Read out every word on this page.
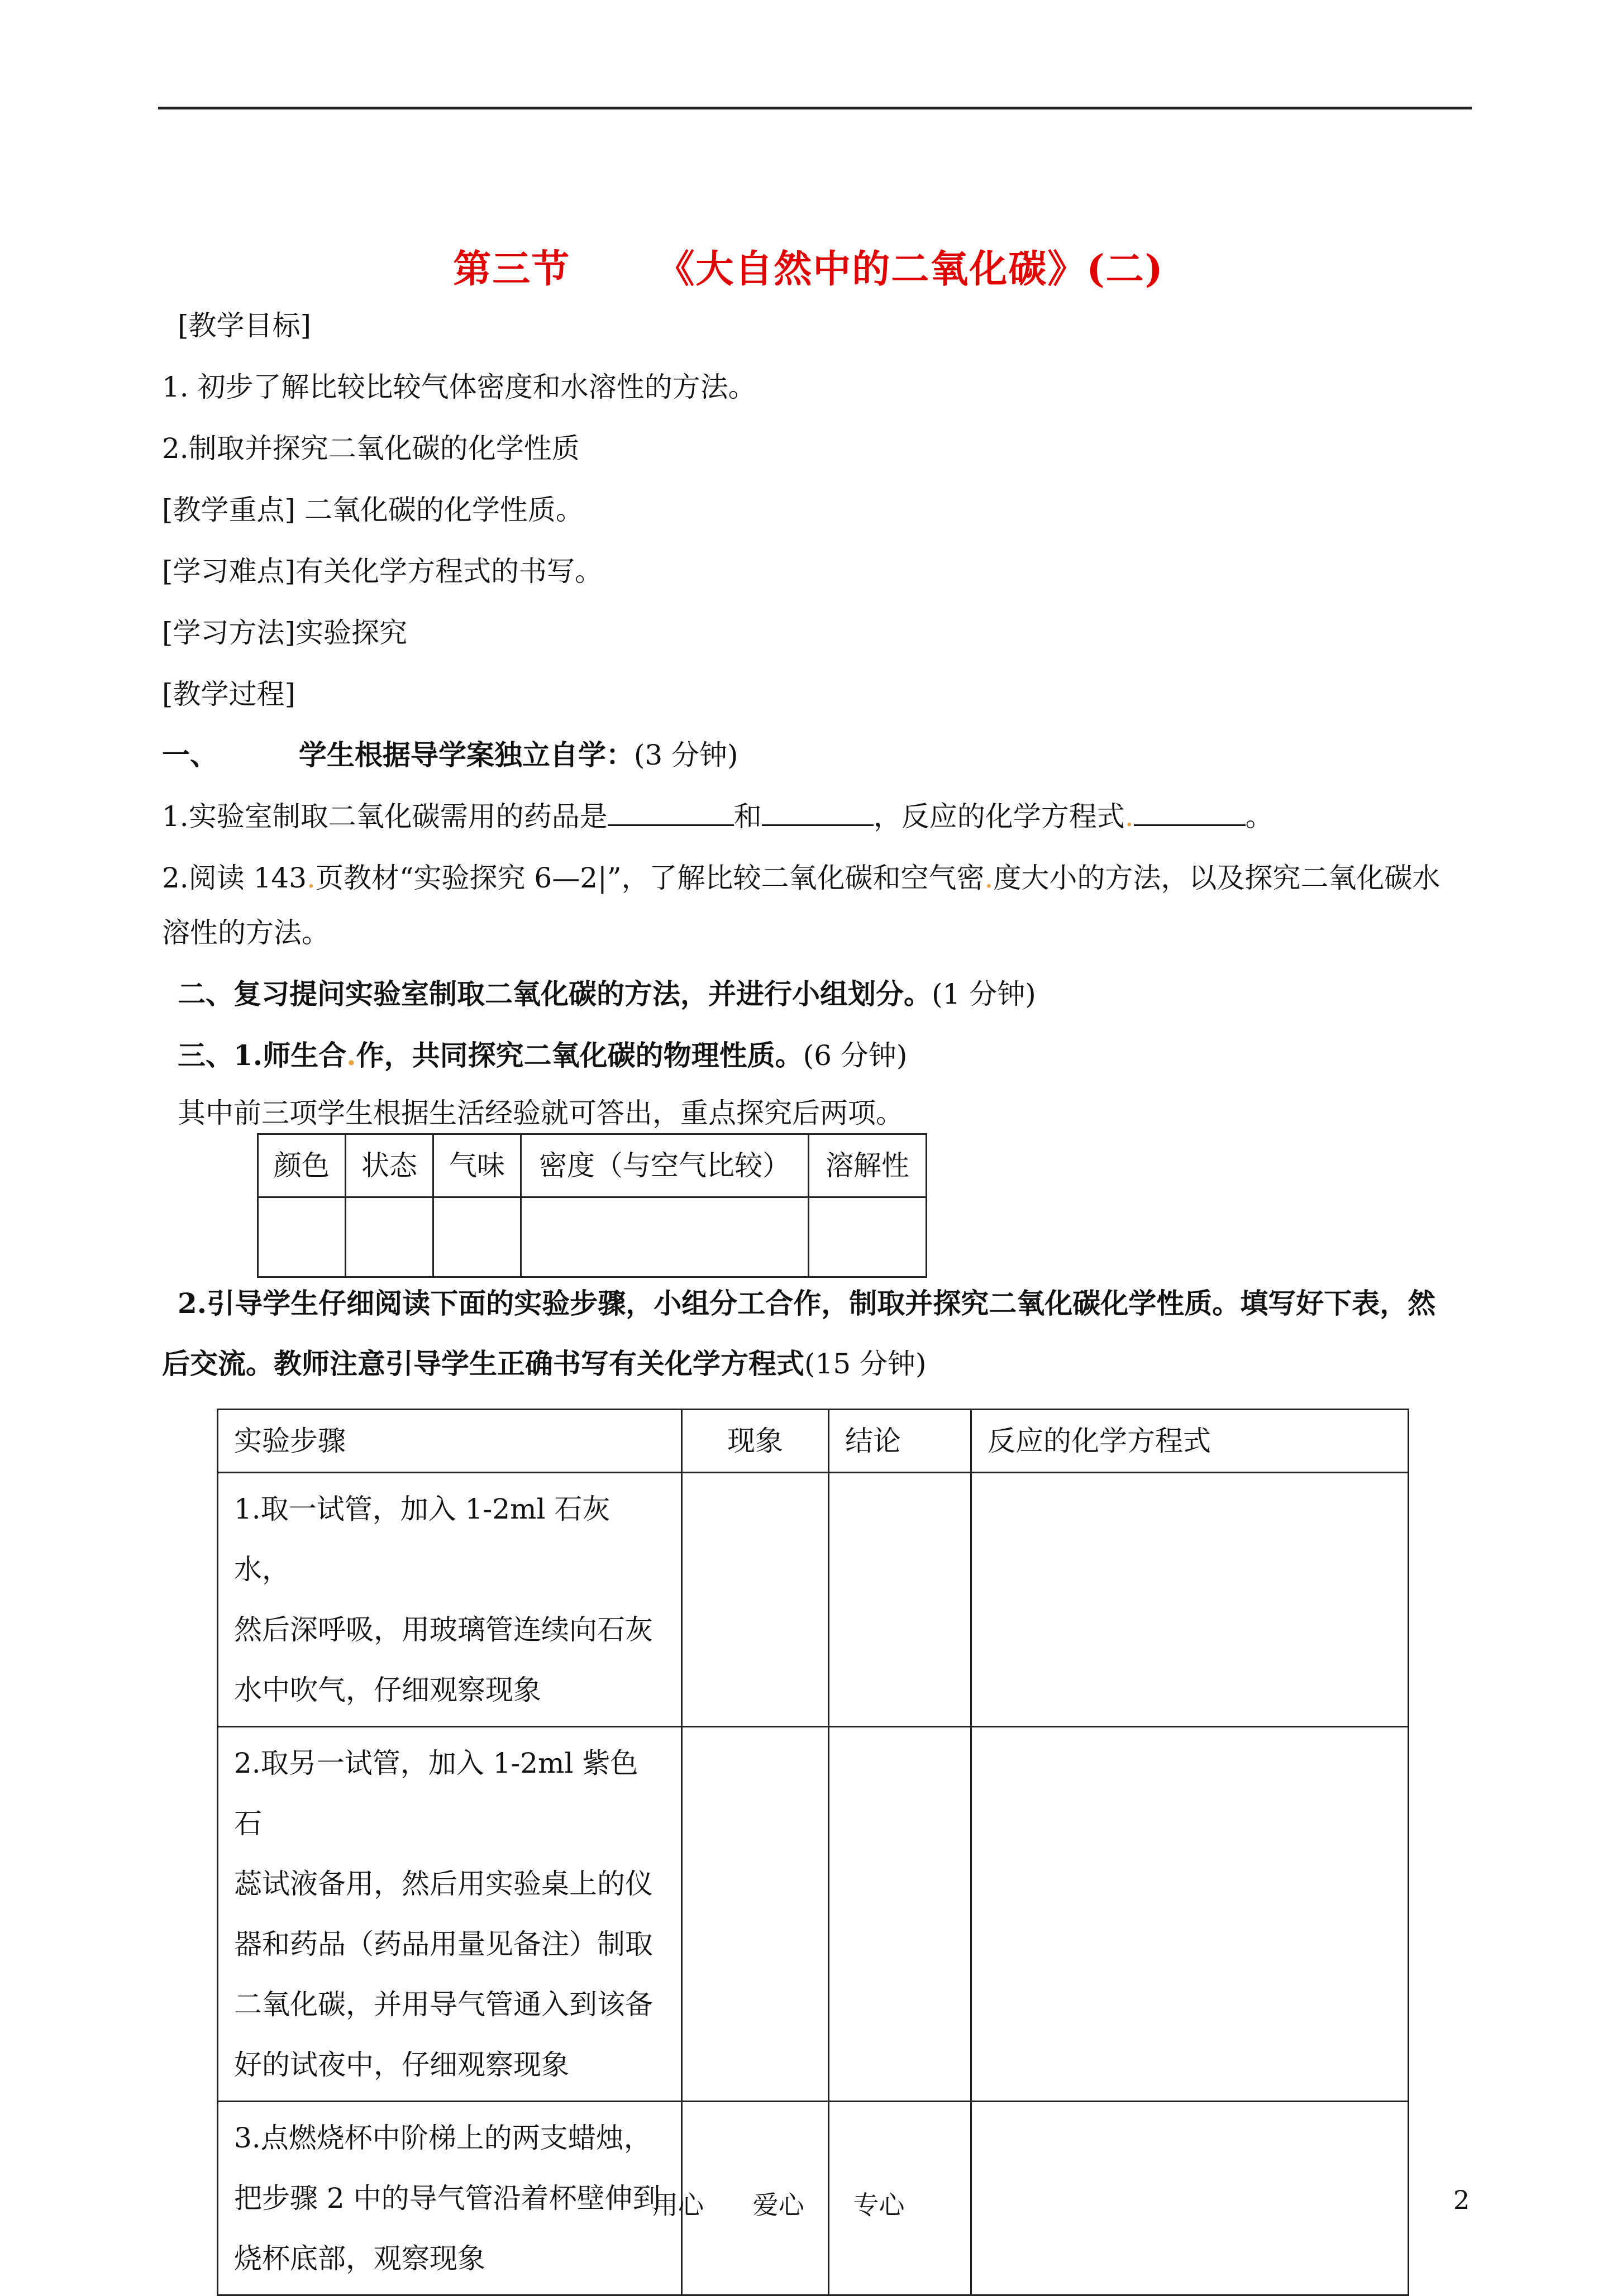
第三节      《大自然中的二氧化碳》(二)
[教学目标]
1. 初步了解比较比较气体密度和水溶性的方法。
2.制取并探究二氧化碳的化学性质
[教学重点] 二氧化碳的化学性质。
[学习难点]有关化学方程式的书写。
[学习方法]实验探究
[教学过程]
一、	学生根据导学案独立自学：(3 分钟)
1.实验室制取二氧化碳需用的药品是	和	，反应的化学方程式.	。
2.阅读 143.页教材“实验探究 6—2|”，了解比较二氧化碳和空气密.度大小的方法，以及探究二氧化碳水
溶性的方法。
二、复习提问实验室制取二氧化碳的方法，并进行小组划分。(1 分钟)
三、1.师生合.作，共同探究二氧化碳的物理性质。(6 分钟)
其中前三项学生根据生活经验就可答出，重点探究后两项。
颜色	状态	气味	密度（与空气比较）	溶解性

2.引导学生仔细阅读下面的实验步骤，小组分工合作，制取并探究二氧化碳化学性质。填写好下表，然
后交流。教师注意引导学生正确书写有关化学方程式(15 分钟)
实验步骤	现象	结论	反应的化学方程式
1.取一试管，加入 1-2ml 石灰水，
然后深呼吸，用玻璃管连续向石灰
水中吹气，仔细观察现象			
2.取另一试管，加入 1-2ml 紫色石
蕊试液备用，然后用实验桌上的仪
器和药品（药品用量见备注）制取
二氧化碳，并用导气管通入到该备
好的试夜中，仔细观察现象			
3.点燃烧杯中阶梯上的两支蜡烛，
把步骤 2 中的导气管沿着杯壁伸到
烧杯底部，观察现象			
用心      爱心      专心	2
